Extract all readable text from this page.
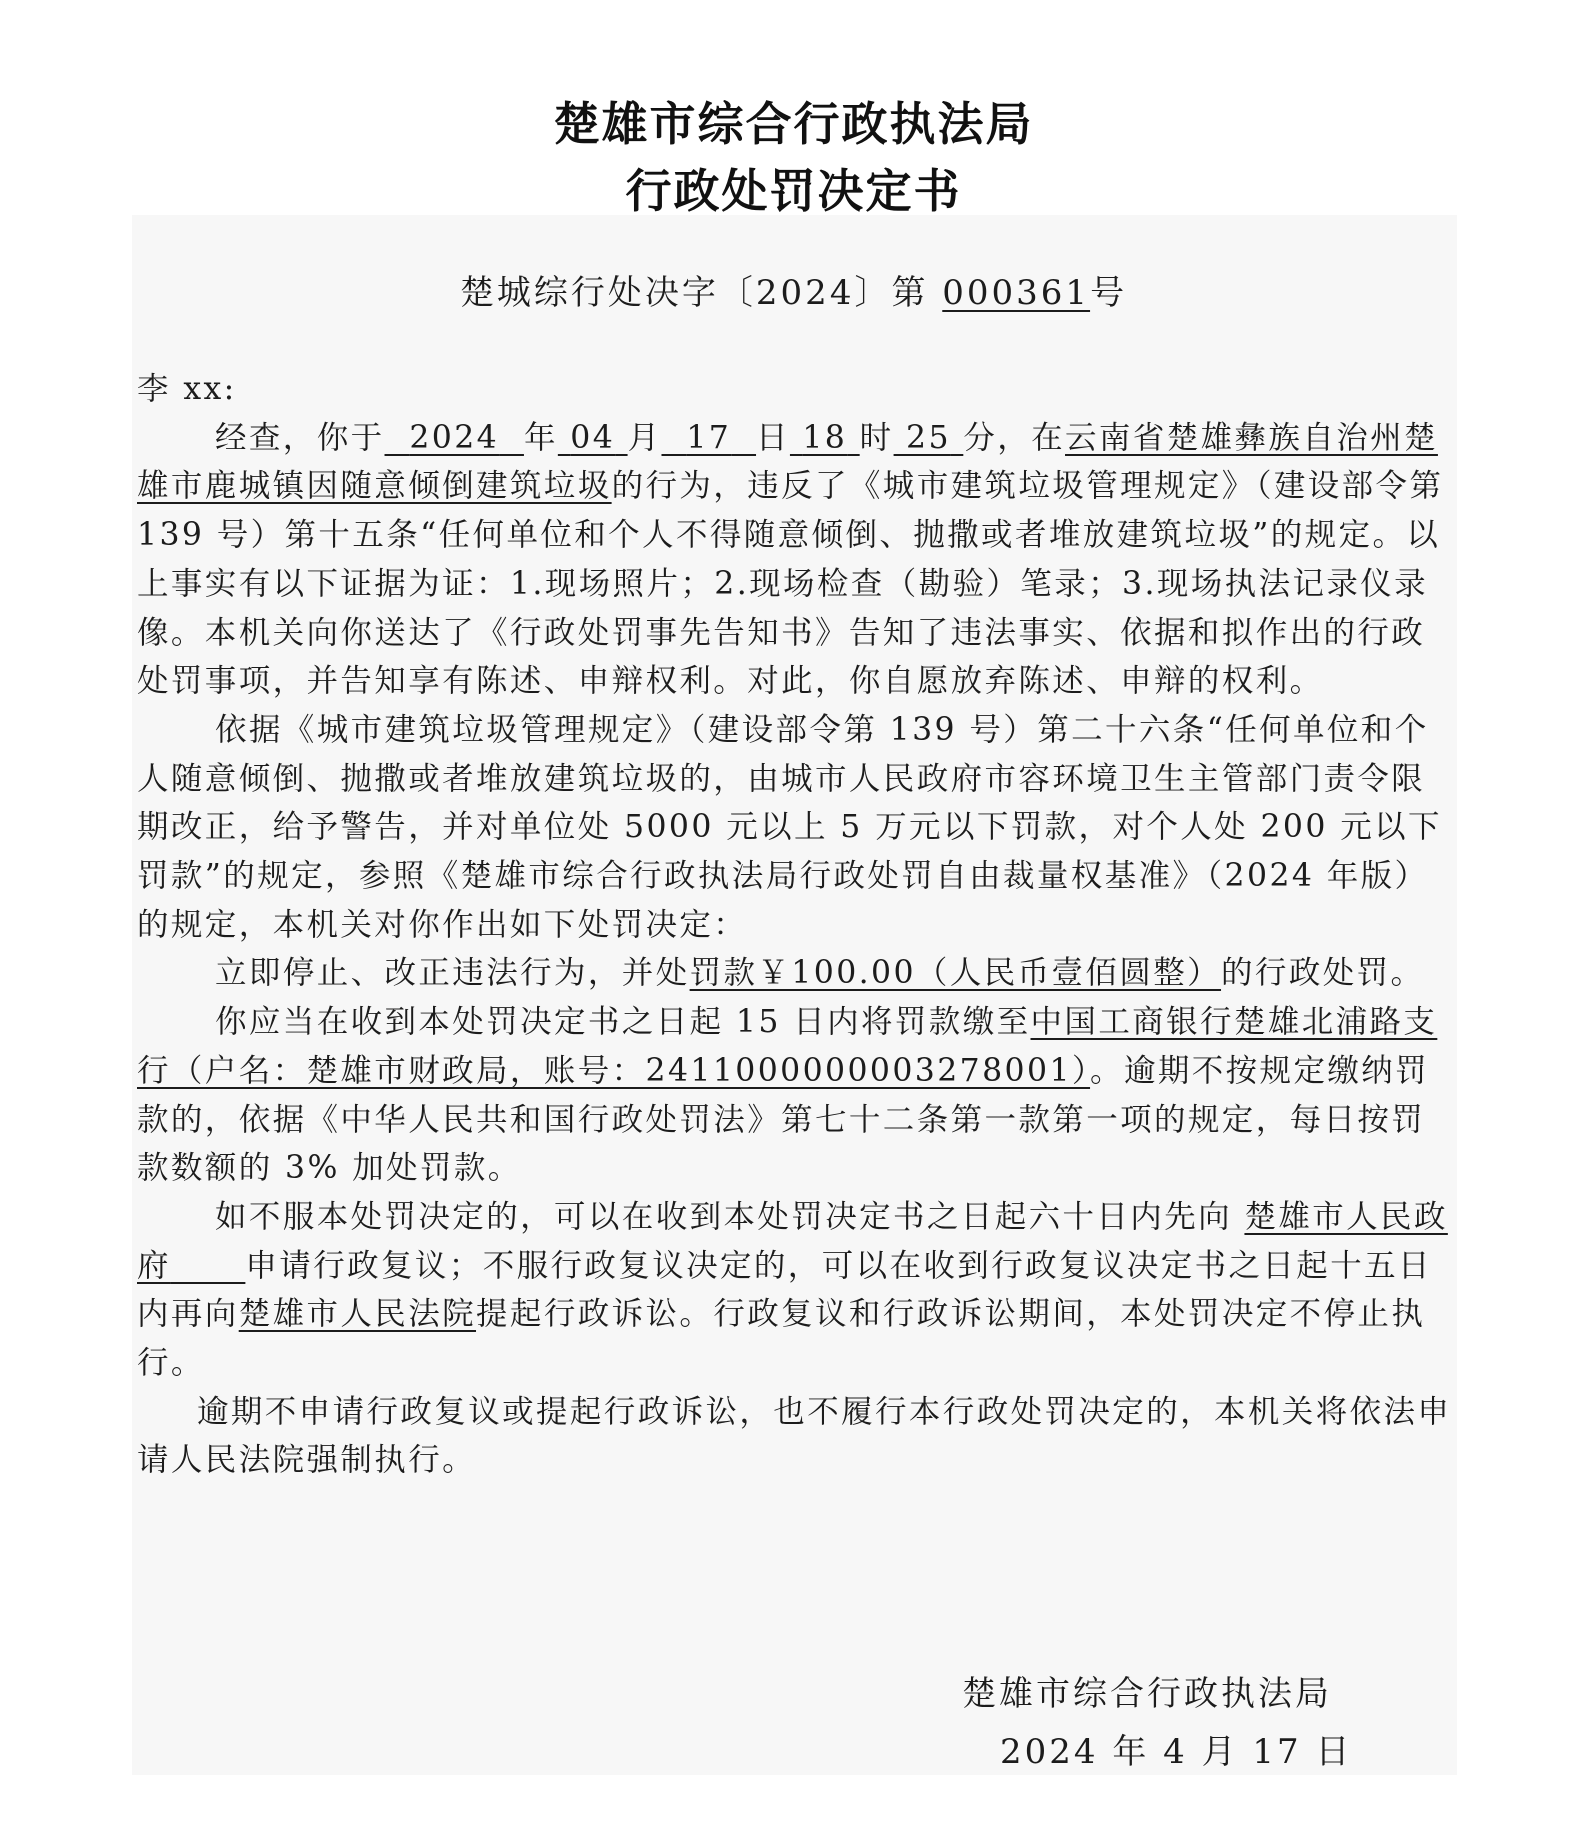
楚雄市综合行政执法局
行政处罚决定书
楚城综行处决字〔2024〕第 000361号

李 xx:

经查，你于 2024 年 04 月 17 日 18 时 25 分，在云南省楚雄彝族自治州楚雄市鹿城镇因随意倾倒建筑垃圾的行为，违反了《城市建筑垃圾管理规定》（建设部令第 139 号）第十五条“任何单位和个人不得随意倾倒、抛撒或者堆放建筑垃圾”的规定。以上事实有以下证据为证：1.现场照片；2.现场检查（勘验）笔录；3.现场执法记录仪录像。本机关向你送达了《行政处罚事先告知书》告知了违法事实、依据和拟作出的行政处罚事项，并告知享有陈述、申辩权利。对此，你自愿放弃陈述、申辩的权利。

依据《城市建筑垃圾管理规定》（建设部令第 139 号）第二十六条“任何单位和个人随意倾倒、抛撒或者堆放建筑垃圾的，由城市人民政府市容环境卫生主管部门责令限期改正，给予警告，并对单位处 5000 元以上 5 万元以下罚款，对个人处 200 元以下罚款”的规定，参照《楚雄市综合行政执法局行政处罚自由裁量权基准》（2024 年版）的规定，本机关对你作出如下处罚决定：

立即停止、改正违法行为，并处罚款￥100.00（人民币壹佰圆整）的行政处罚。

你应当在收到本处罚决定书之日起 15 日内将罚款缴至中国工商银行楚雄北浦路支行（户名：楚雄市财政局，账号：2411000000003278001）。逾期不按规定缴纳罚款的，依据《中华人民共和国行政处罚法》第七十二条第一款第一项的规定，每日按罚款数额的 3% 加处罚款。

如不服本处罚决定的，可以在收到本处罚决定书之日起六十日内先向 楚雄市人民政府 申请行政复议；不服行政复议决定的，可以在收到行政复议决定书之日起十五日内再向楚雄市人民法院提起行政诉讼。行政复议和行政诉讼期间，本处罚决定不停止执行。

逾期不申请行政复议或提起行政诉讼，也不履行本行政处罚决定的，本机关将依法申请人民法院强制执行。

楚雄市综合行政执法局
2024 年 4 月 17 日
